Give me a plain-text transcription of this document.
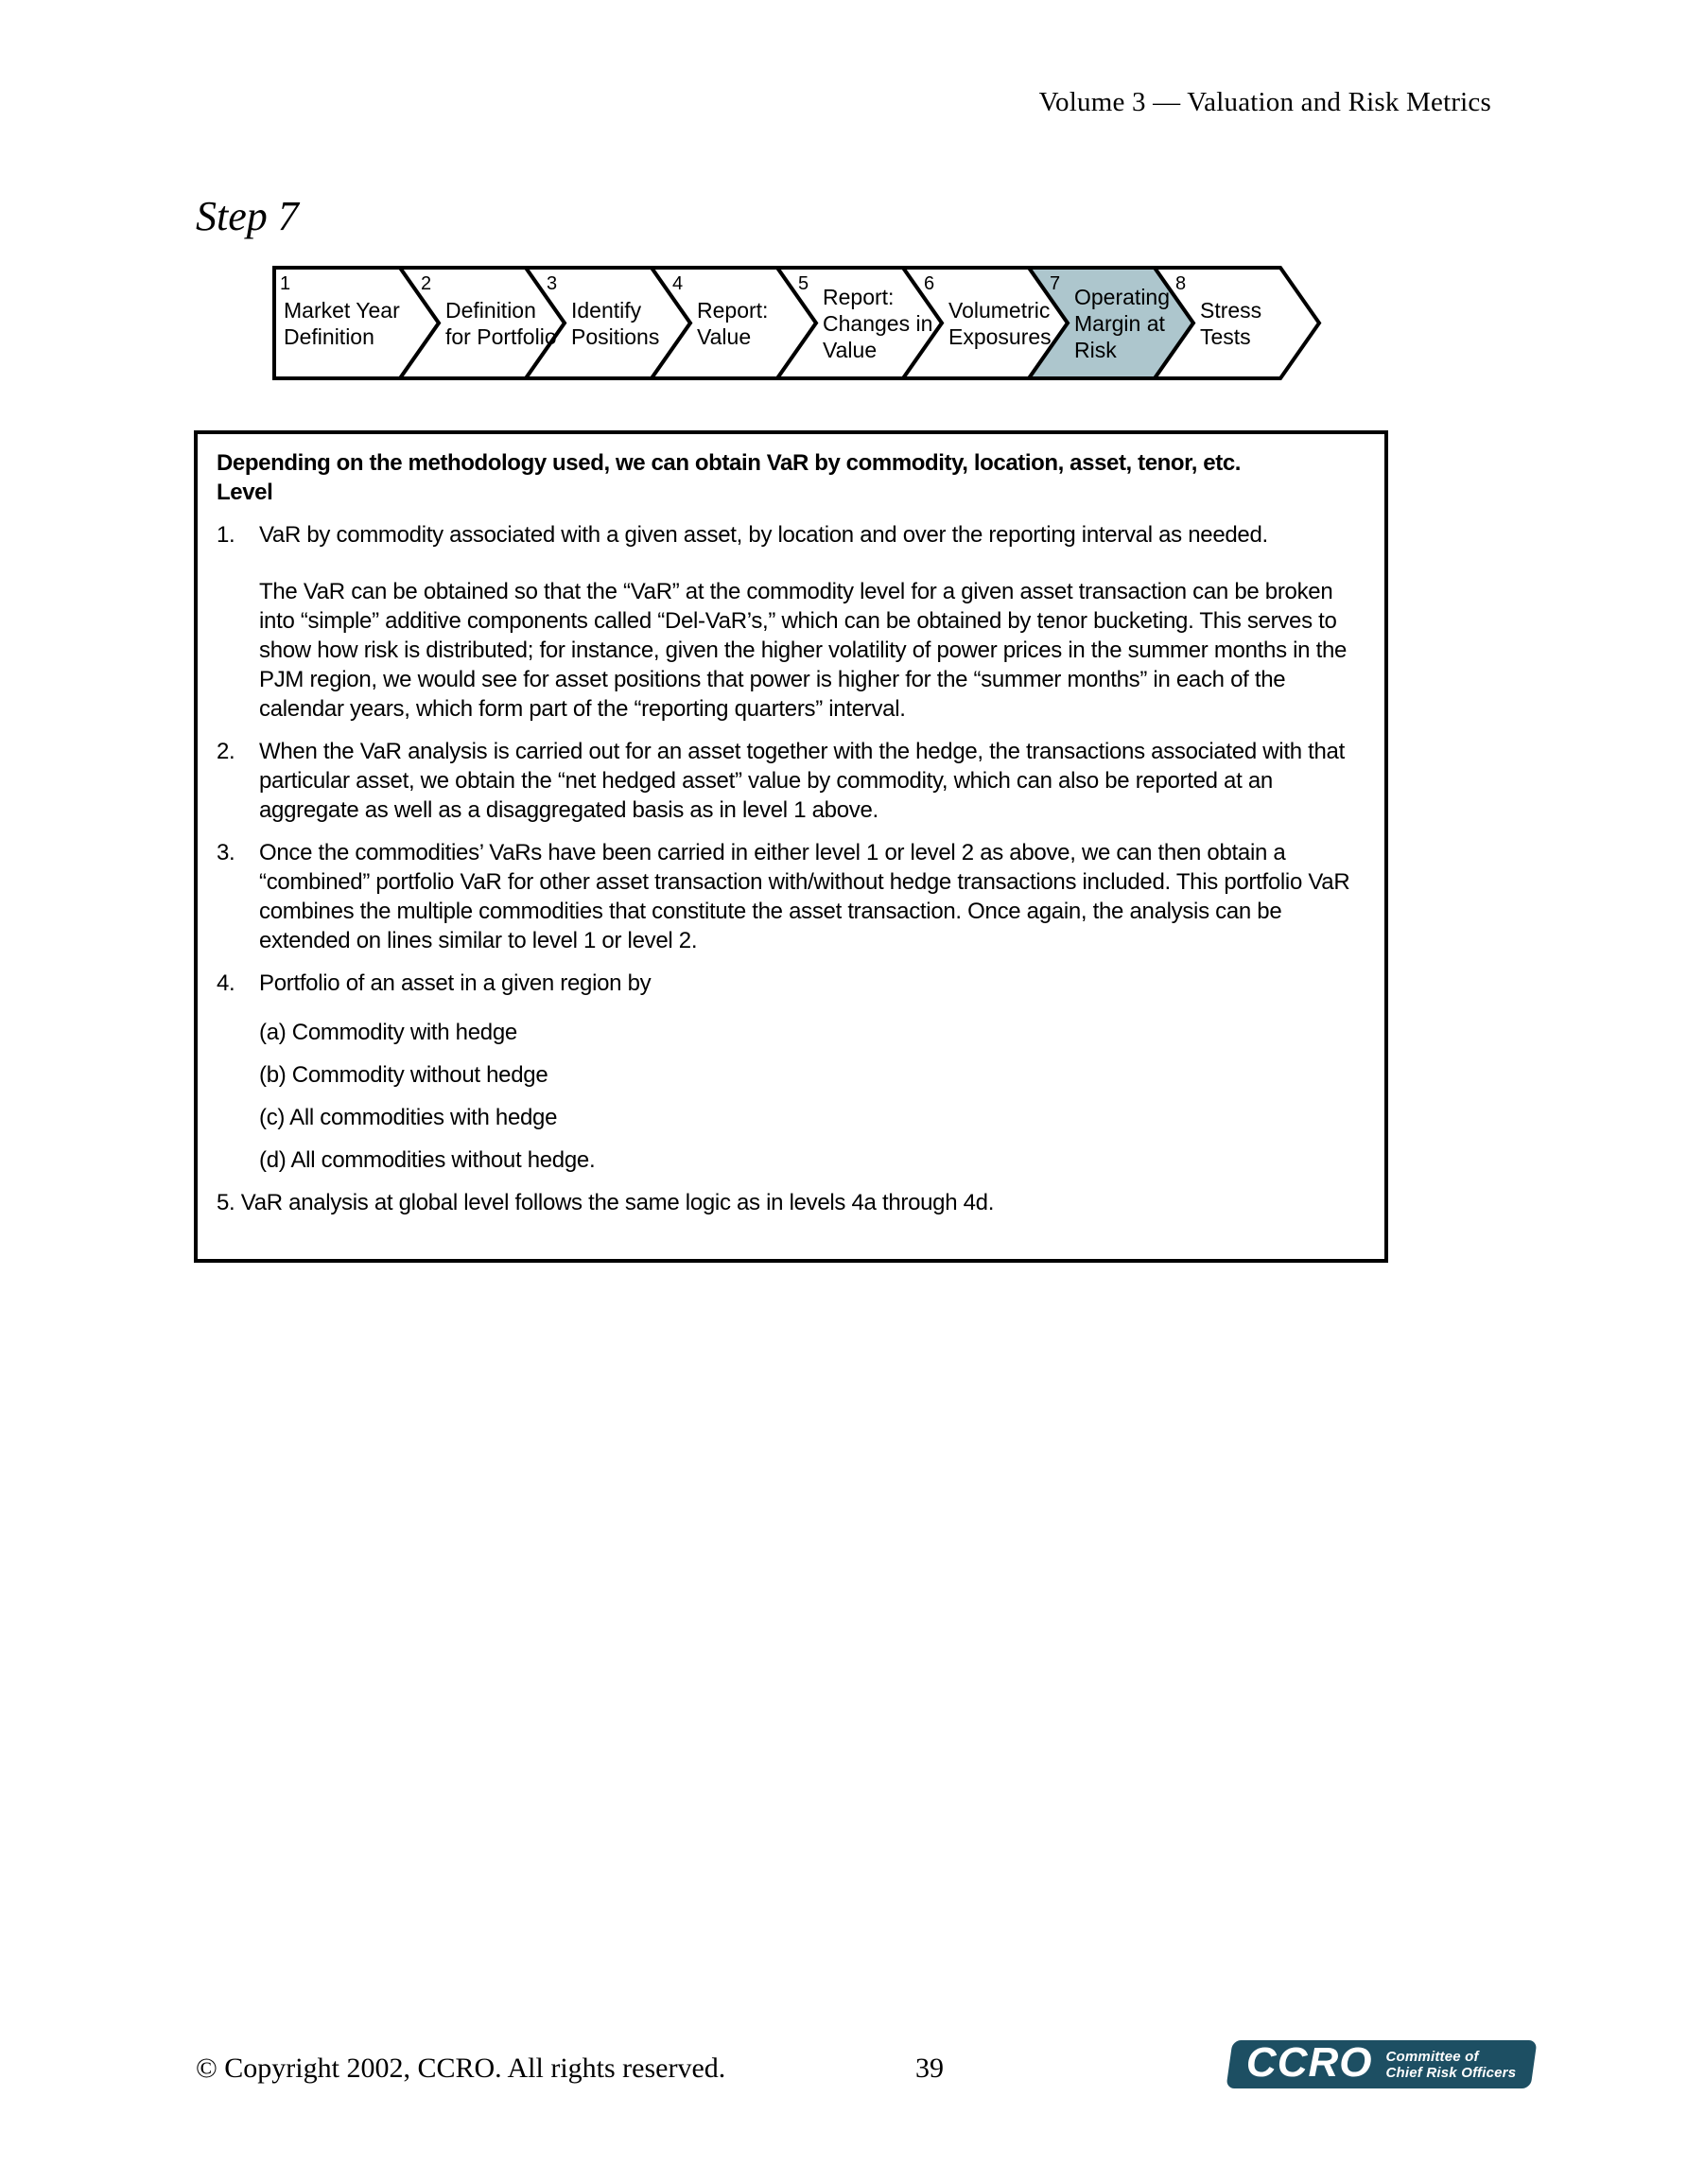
Volume 3 — Valuation and Risk Metrics
Step 7
1
Market Year Definition
2
Definition for Portfolio
3
Identify Positions
4
Report: Value
5
Report: Changes in Value
6
Volumetric Exposures
7
Operating Margin at Risk
8
Stress Tests
Depending on the methodology used, we can obtain VaR by commodity, location, asset, tenor, etc.
Level
1.	VaR by commodity associated with a given asset, by location and over the reporting interval as needed.
The VaR can be obtained so that the “VaR” at the commodity level for a given asset transaction can be broken into “simple” additive components called “Del-VaR’s,” which can be obtained by tenor bucketing. This serves to show how risk is distributed; for instance, given the higher volatility of power prices in the summer months in the PJM region, we would see for asset positions that power is higher for the “summer months” in each of the calendar years, which form part of the “reporting quarters” interval.
2.	When the VaR analysis is carried out for an asset together with the hedge, the transactions associated with that particular asset, we obtain the “net hedged asset” value by commodity, which can also be reported at an aggregate as well as a disaggregated basis as in level 1 above.
3.	Once the commodities’ VaRs have been carried in either level 1 or level 2 as above, we can then obtain a “combined” portfolio VaR for other asset transaction with/without hedge transactions included. This portfolio VaR combines the multiple commodities that constitute the asset transaction. Once again, the analysis can be extended on lines similar to level 1 or level 2.
4.	Portfolio of an asset in a given region by
(a) Commodity with hedge
(b) Commodity without hedge
(c) All commodities with hedge
(d) All commodities without hedge.
5. VaR analysis at global level follows the same logic as in levels 4a through 4d.
© Copyright 2002, CCRO. All rights reserved.	39	CCRO Committee of
Chief Risk Officers
